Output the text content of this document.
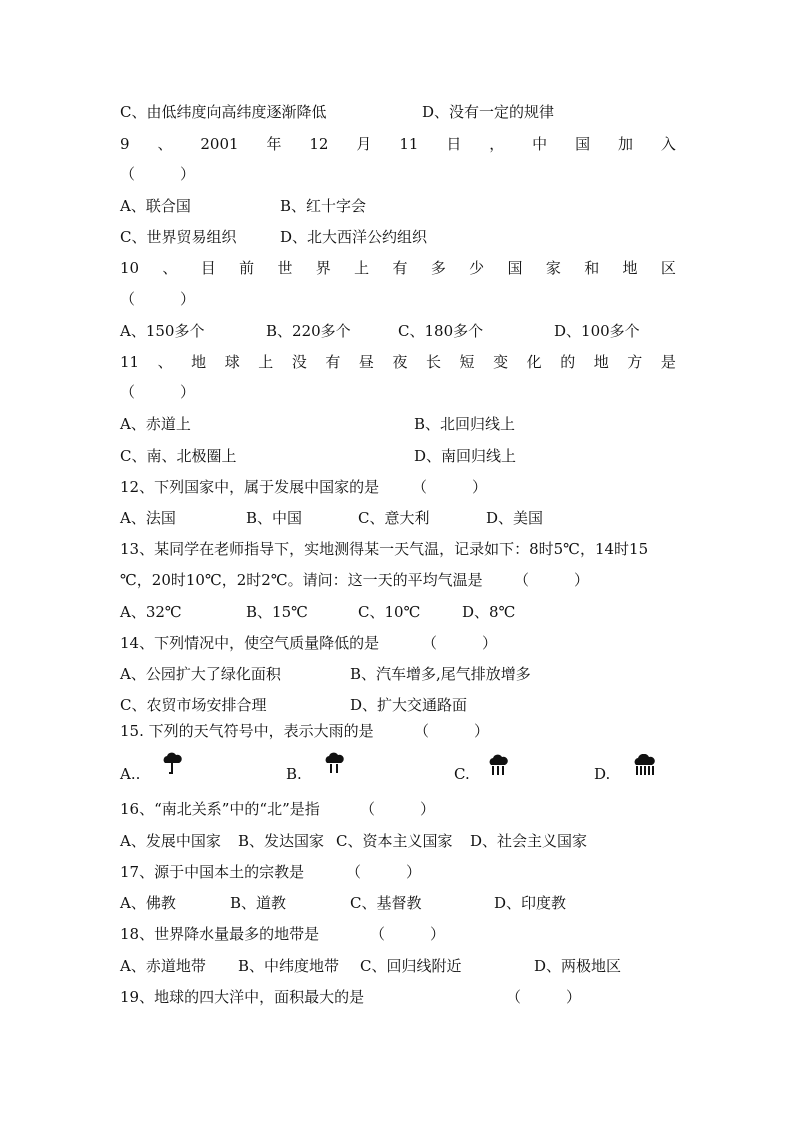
C、由低纬度向高纬度逐渐降低	D、没有一定的规律
9 、 2001 年 12 月 11 日 ， 中 国 加 入
（　　　）
A、联合国	B、红十字会
C、世界贸易组织	D、北大西洋公约组织
10 、 目 前 世 界 上 有 多 少 国 家 和 地 区
（　　　）
A、150多个	B、220多个	C、180多个	D、100多个
11 、 地 球 上 没 有 昼 夜 长 短 变 化 的 地 方 是
（　　　）
A、赤道上	B、北回归线上
C、南、北极圈上	D、南回归线上
12、下列国家中，属于发展中国家的是 （　　　）
A、法国	B、中国	C、意大利	D、美国
13、某同学在老师指导下，实地测得某一天气温，记录如下：8时5℃，14时15
℃，20时10℃，2时2℃。请问：这一天的平均气温是 （　　　）
A、32℃	B、15℃	C、10℃	D、8℃
14、下列情况中，使空气质量降低的是	（　　　）
A、公园扩大了绿化面积	B、汽车增多,尾气排放增多
C、农贸市场安排合理	D、扩大交通路面
15. 下列的天气符号中，表示大雨的是	（　　　）
A..	B.	C.	D.
16、“南北关系”中的“北”是指	（　　　）
A、发展中国家 B、发达国家 C、资本主义国家 D、社会主义国家
17、源于中国本土的宗教是	（　　　）
A、佛教	B、道教	C、基督教	D、印度教
18、世界降水量最多的地带是	（　　　）
A、赤道地带 B、中纬度地带 C、回归线附近	D、两极地区
19、地球的四大洋中，面积最大的是	（　　　）
